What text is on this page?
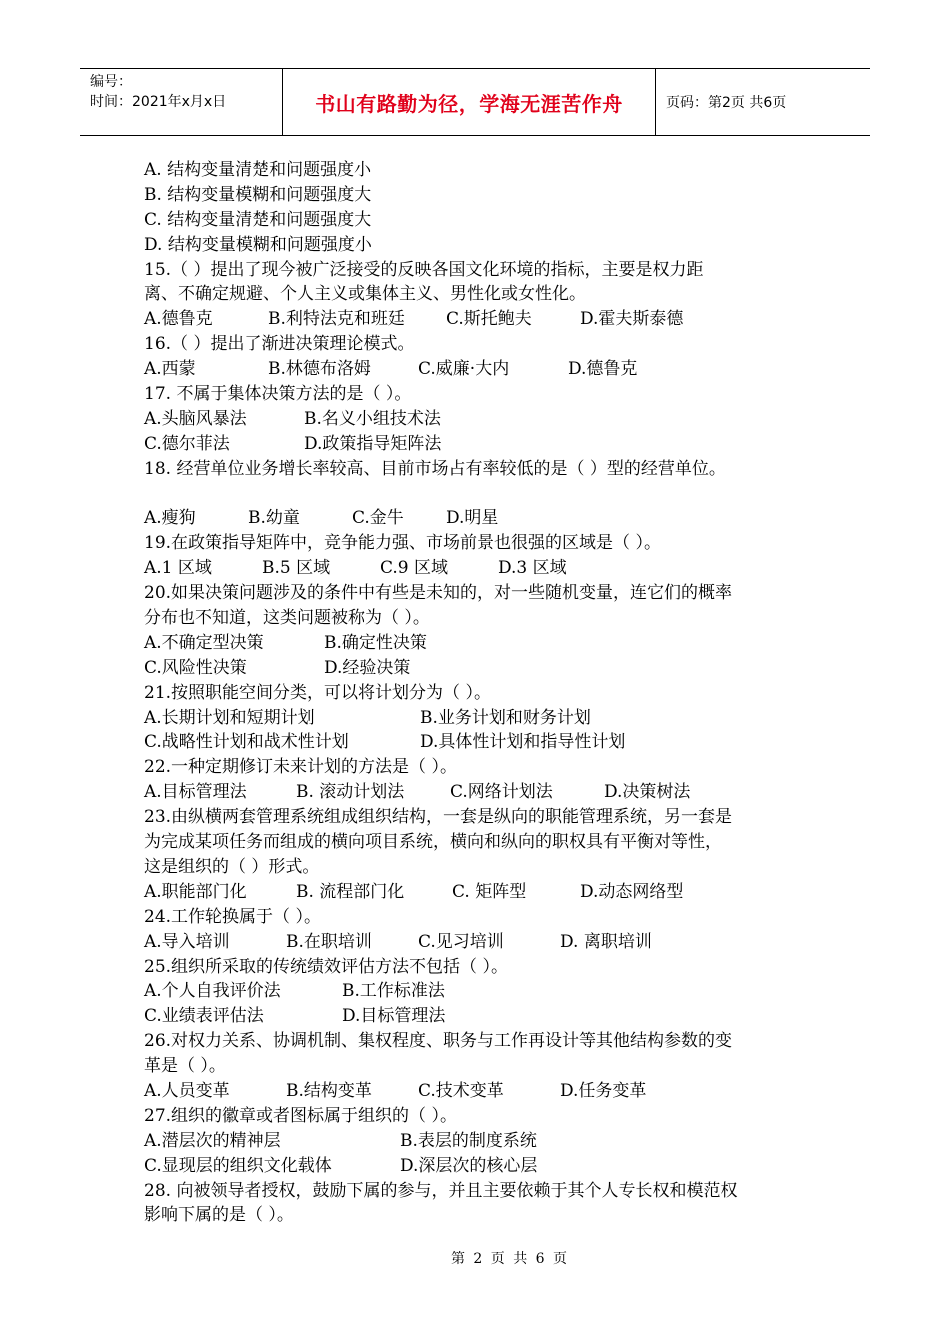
编号：
时间：2021年x月x日	书山有路勤为径，学海无涯苦作舟	页码：第2页 共6页
A. 结构变量清楚和问题强度小
B. 结构变量模糊和问题强度大
C. 结构变量清楚和问题强度大
D. 结构变量模糊和问题强度小
15.（ ）提出了现今被广泛接受的反映各国文化环境的指标，主要是权力距
离、不确定规避、个人主义或集体主义、男性化或女性化。
A.德鲁克	B.利特法克和班廷 C.斯托鲍夫	D.霍夫斯泰德
16.（ ）提出了渐进决策理论模式。
A.西蒙	B.林德布洛姆	C.威廉·大内	D.德鲁克
17. 不属于集体决策方法的是（ ）。
A.头脑风暴法	B.名义小组技术法
C.德尔菲法	D.政策指导矩阵法
18. 经营单位业务增长率较高、目前市场占有率较低的是（ ）型的经营单位。
A.瘦狗	B.幼童	C.金牛 D.明星
19.在政策指导矩阵中，竞争能力强、市场前景也很强的区域是（ ）。
A.1 区域	B.5 区域	C.9 区域	D.3 区域
20.如果决策问题涉及的条件中有些是未知的，对一些随机变量，连它们的概率
分布也不知道，这类问题被称为（ ）。
A.不确定型决策	B.确定性决策
C.风险性决策	D.经验决策
21.按照职能空间分类，可以将计划分为（ ）。
A.长期计划和短期计划	B.业务计划和财务计划
C.战略性计划和战术性计划	D.具体性计划和指导性计划
22.一种定期修订未来计划的方法是（ ）。
A.目标管理法	B. 滚动计划法	C.网络计划法	D.决策树法
23.由纵横两套管理系统组成组织结构，一套是纵向的职能管理系统，另一套是
为完成某项任务而组成的横向项目系统，横向和纵向的职权具有平衡对等性，
这是组织的（ ）形式。
A.职能部门化	B. 流程部门化	C. 矩阵型	D.动态网络型
24.工作轮换属于（ ）。
A.导入培训	B.在职培训	C.见习培训	D. 离职培训
25.组织所采取的传统绩效评估方法不包括（ ）。
A.个人自我评价法	B.工作标准法
C.业绩表评估法	D.目标管理法
26.对权力关系、协调机制、集权程度、职务与工作再设计等其他结构参数的变
革是（ ）。
A.人员变革	B.结构变革	C.技术变革	D.任务变革
27.组织的徽章或者图标属于组织的（ ）。
A.潜层次的精神层	B.表层的制度系统
C.显现层的组织文化载体	D.深层次的核心层
28. 向被领导者授权，鼓励下属的参与，并且主要依赖于其个人专长权和模范权
影响下属的是（ ）。
第 2 页 共 6 页
